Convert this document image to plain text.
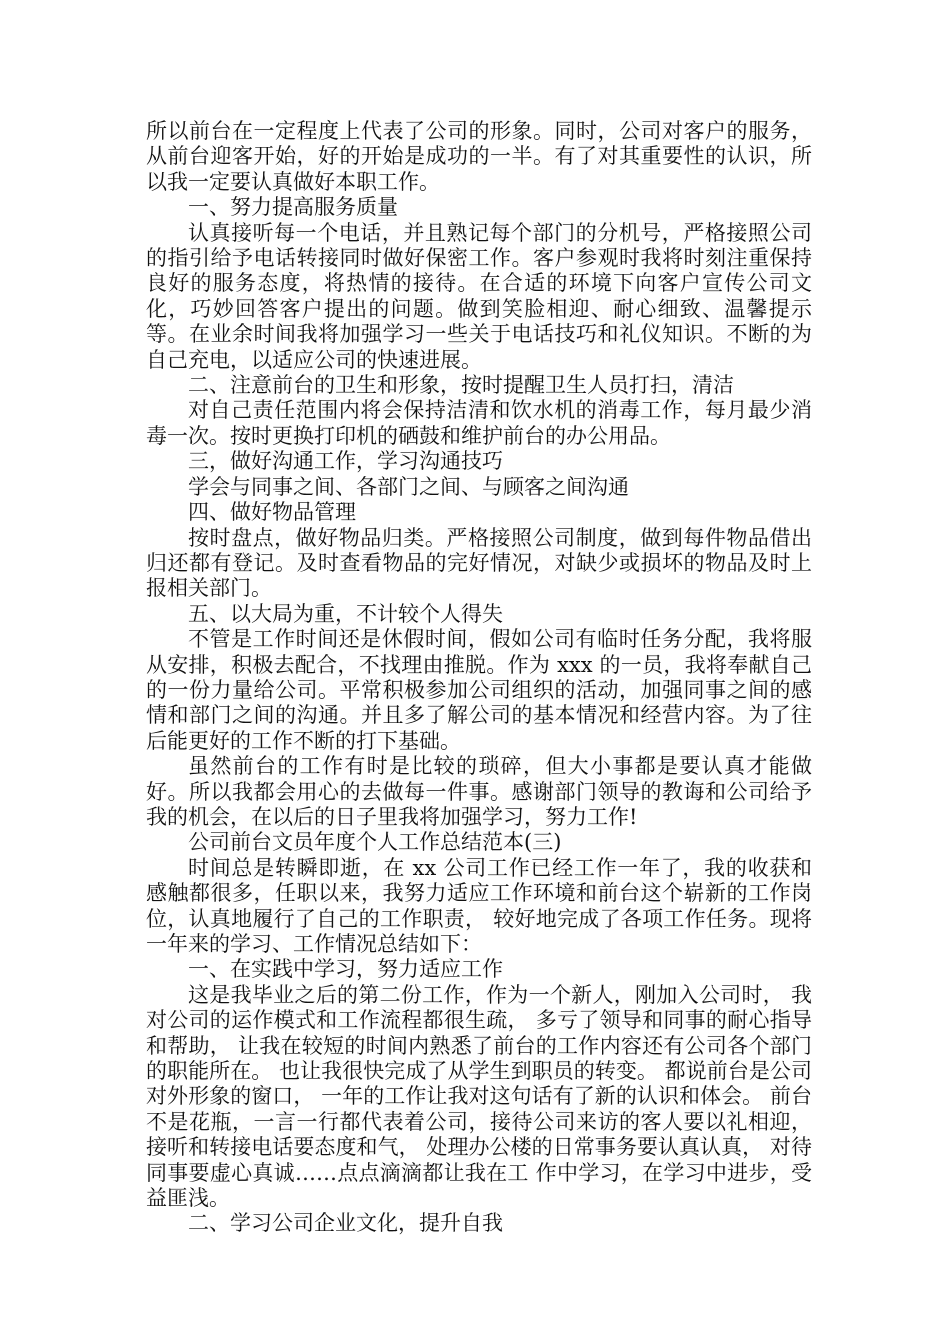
所以前台在一定程度上代表了公司的形象。同时，公司对客户的服务，从前台迎客开始，好的开始是成功的一半。有了对其重要性的认识，所以我一定要认真做好本职工作。

一、努力提高服务质量

认真接听每一个电话，并且熟记每个部门的分机号，严格接照公司的指引给予电话转接同时做好保密工作。客户参观时我将时刻注重保持良好的服务态度，将热情的接待。在合适的环境下向客户宣传公司文化，巧妙回答客户提出的问题。做到笑脸相迎、耐心细致、温馨提示等。在业余时间我将加强学习一些关于电话技巧和礼仪知识。不断的为自己充电，以适应公司的快速进展。

二、注意前台的卫生和形象，按时提醒卫生人员打扫，清洁

对自己责任范围内将会保持洁清和饮水机的消毒工作，每月最少消毒一次。按时更换打印机的硒鼓和维护前台的办公用品。

三，做好沟通工作，学习沟通技巧

学会与同事之间、各部门之间、与顾客之间沟通

四、做好物品管理

按时盘点，做好物品归类。严格接照公司制度，做到每件物品借出归还都有登记。及时查看物品的完好情况，对缺少或损坏的物品及时上报相关部门。

五、以大局为重，不计较个人得失

不管是工作时间还是休假时间，假如公司有临时任务分配，我将服从安排，积极去配合，不找理由推脱。作为 xxx 的一员，我将奉献自己的一份力量给公司。平常积极参加公司组织的活动，加强同事之间的感情和部门之间的沟通。并且多了解公司的基本情况和经营内容。为了往后能更好的工作不断的打下基础。

虽然前台的工作有时是比较的琐碎，但大小事都是要认真才能做好。所以我都会用心的去做每一件事。感谢部门领导的教诲和公司给予我的机会，在以后的日子里我将加强学习，努力工作!

公司前台文员年度个人工作总结范本(三)

时间总是转瞬即逝，在 xx 公司工作已经工作一年了，我的收获和感触都很多，任职以来，我努力适应工作环境和前台这个崭新的工作岗位，认真地履行了自己的工作职责， 较好地完成了各项工作任务。现将一年来的学习、工作情况总结如下：

一、在实践中学习，努力适应工作

这是我毕业之后的第二份工作，作为一个新人，刚加入公司时， 我对公司的运作模式和工作流程都很生疏， 多亏了领导和同事的耐心指导和帮助， 让我在较短的时间内熟悉了前台的工作内容还有公司各个部门的职能所在。 也让我很快完成了从学生到职员的转变。 都说前台是公司对外形象的窗口， 一年的工作让我对这句话有了新的认识和体会。 前台不是花瓶，一言一行都代表着公司，接待公司来访的客人要以礼相迎，接听和转接电话要态度和气， 处理办公楼的日常事务要认真认真， 对待同事要虚心真诚……点点滴滴都让我在工 作中学习，在学习中进步，受益匪浅。

二、学习公司企业文化，提升自我
